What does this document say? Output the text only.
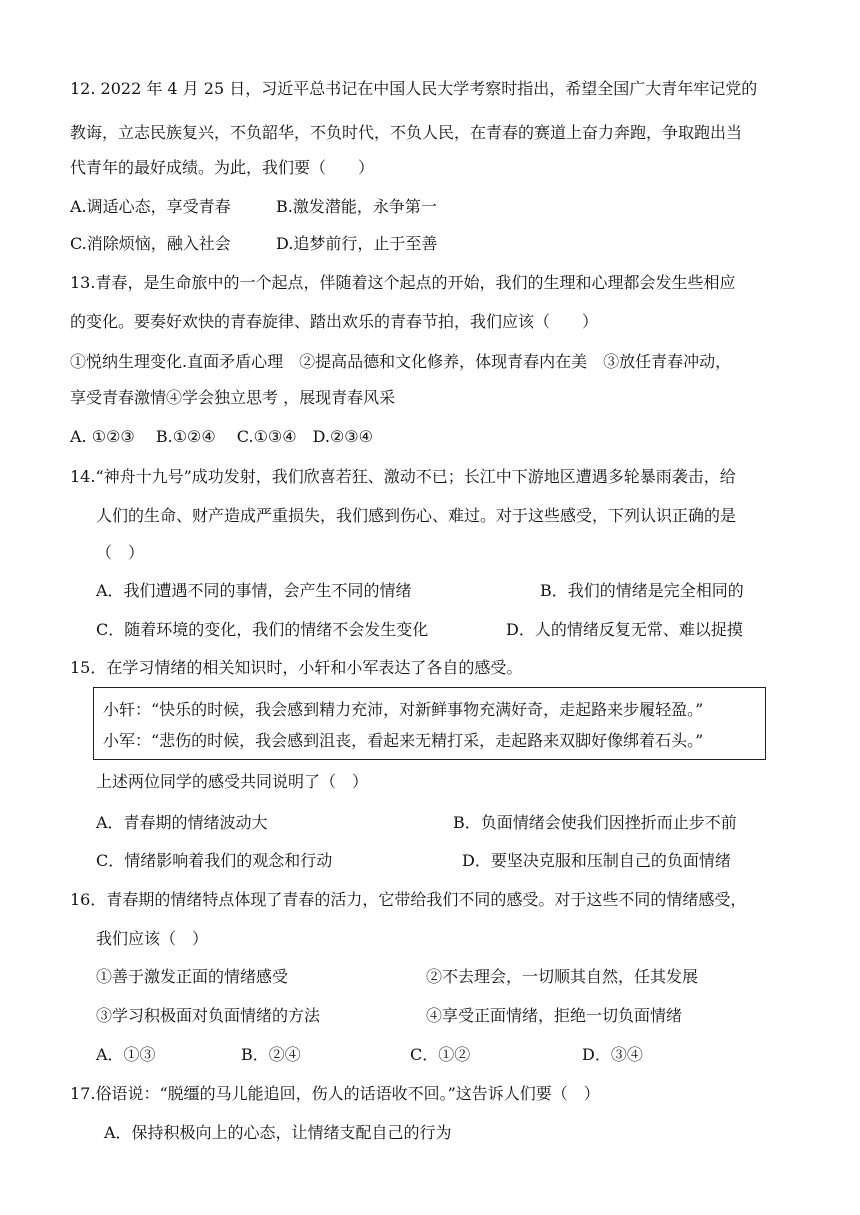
12. 2022 年 4 月 25 日，习近平总书记在中国人民大学考察时指出，希望全国广大青年牢记党的
教诲，立志民族复兴，不负韶华，不负时代，不负人民，在青春的赛道上奋力奔跑，争取跑出当
代青年的最好成绩。为此，我们要（　　）
A.调适心态，享受青春	B.激发潜能，永争第一
C.消除烦恼，融入社会	D.追梦前行，止于至善
13.青春，是生命旅中的一个起点，伴随着这个起点的开始，我们的生理和心理都会发生些相应
的变化。要奏好欢快的青春旋律、踏出欢乐的青春节拍，我们应该（　　）
①悦纳生理变化.直面矛盾心理　②提高品德和文化修养，体现青春内在美　③放任青春冲动，
享受青春激情④学会独立思考 ，展现青春风采
A. ①②③　 B.①②④　 C.①③④　D.②③④
14.“神舟十九号”成功发射，我们欣喜若狂、激动不已；长江中下游地区遭遇多轮暴雨袭击，给
人们的生命、财产造成严重损失，我们感到伤心、难过。对于这些感受，下列认识正确的是
（　）
A．我们遭遇不同的事情，会产生不同的情绪	B．我们的情绪是完全相同的
C．随着环境的变化，我们的情绪不会发生变化	D．人的情绪反复无常、难以捉摸
15．在学习情绪的相关知识时，小轩和小军表达了各自的感受。
小轩：“快乐的时候，我会感到精力充沛，对新鲜事物充满好奇，走起路来步履轻盈。”
小军：“悲伤的时候，我会感到沮丧，看起来无精打采，走起路来双脚好像绑着石头。”
上述两位同学的感受共同说明了（　）
A．青春期的情绪波动大	B．负面情绪会使我们因挫折而止步不前
C．情绪影响着我们的观念和行动	D．要坚决克服和压制自己的负面情绪
16．青春期的情绪特点体现了青春的活力，它带给我们不同的感受。对于这些不同的情绪感受，
我们应该（　）
①善于激发正面的情绪感受	②不去理会，一切顺其自然，任其发展
③学习积极面对负面情绪的方法	④享受正面情绪，拒绝一切负面情绪
A．①③	B．②④	C．①②	D．③④
17.俗语说：“脱缰的马儿能追回，伤人的话语收不回。”这告诉人们要（　）
A．保持积极向上的心态，让情绪支配自己的行为
